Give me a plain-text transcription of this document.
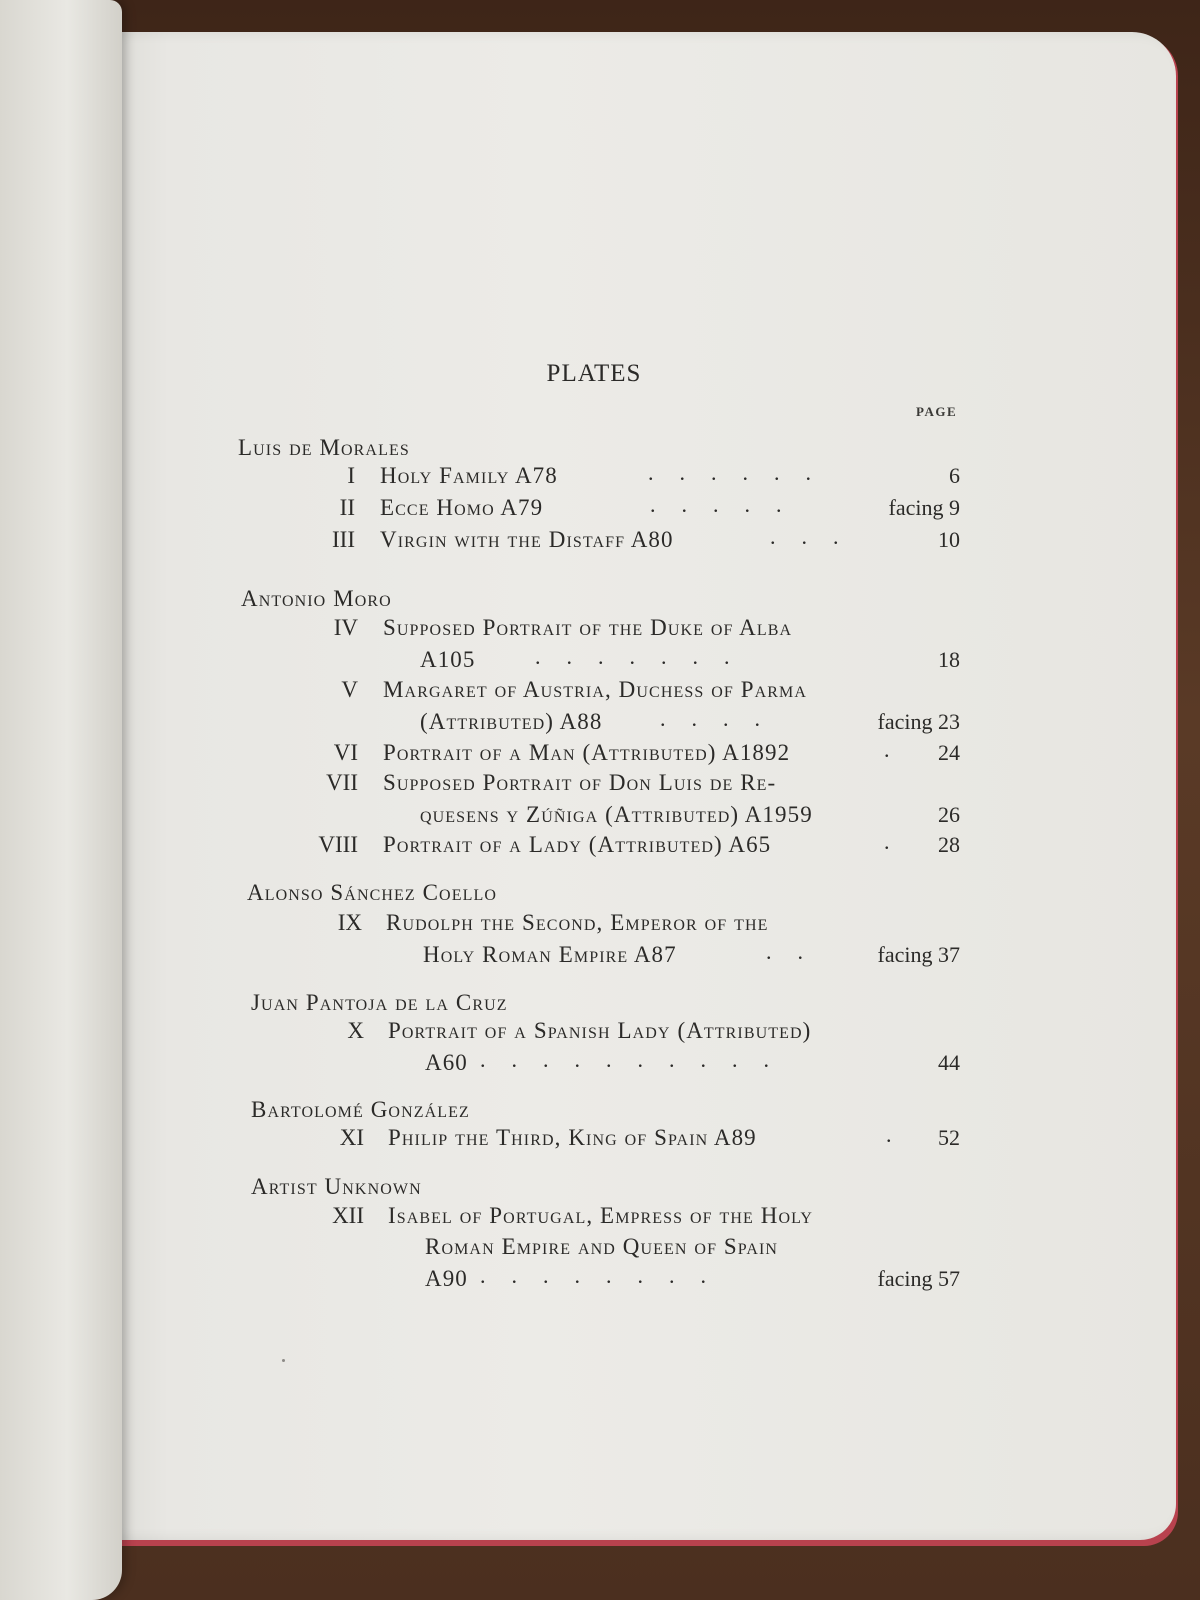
PLATES
PAGE
Luis de Morales
I Holy Family A78	......	6
II Ecce Homo A79	.....	facing 9
III Virgin with the Distaff A80	...	10
Antonio Moro
IV Supposed Portrait of the Duke of Alba
A105	.......	18
V Margaret of Austria, Duchess of Parma
(Attributed) A88	....	facing 23
VI Portrait of a Man (Attributed) A1892	.	24
VII Supposed Portrait of Don Luis de Re-
quesens y Zúñiga (Attributed) A1959	26
VIII Portrait of a Lady (Attributed) A65	.	28
Alonso Sánchez Coello
IX Rudolph the Second, Emperor of the
Holy Roman Empire A87	..	facing 37
Juan Pantoja de la Cruz
X Portrait of a Spanish Lady (Attributed)
A60 ..........	44
Bartolomé González
XI Philip the Third, King of Spain A89	. 52
Artist Unknown
XII Isabel of Portugal, Empress of the Holy
Roman Empire and Queen of Spain
A90 ........	facing 57
